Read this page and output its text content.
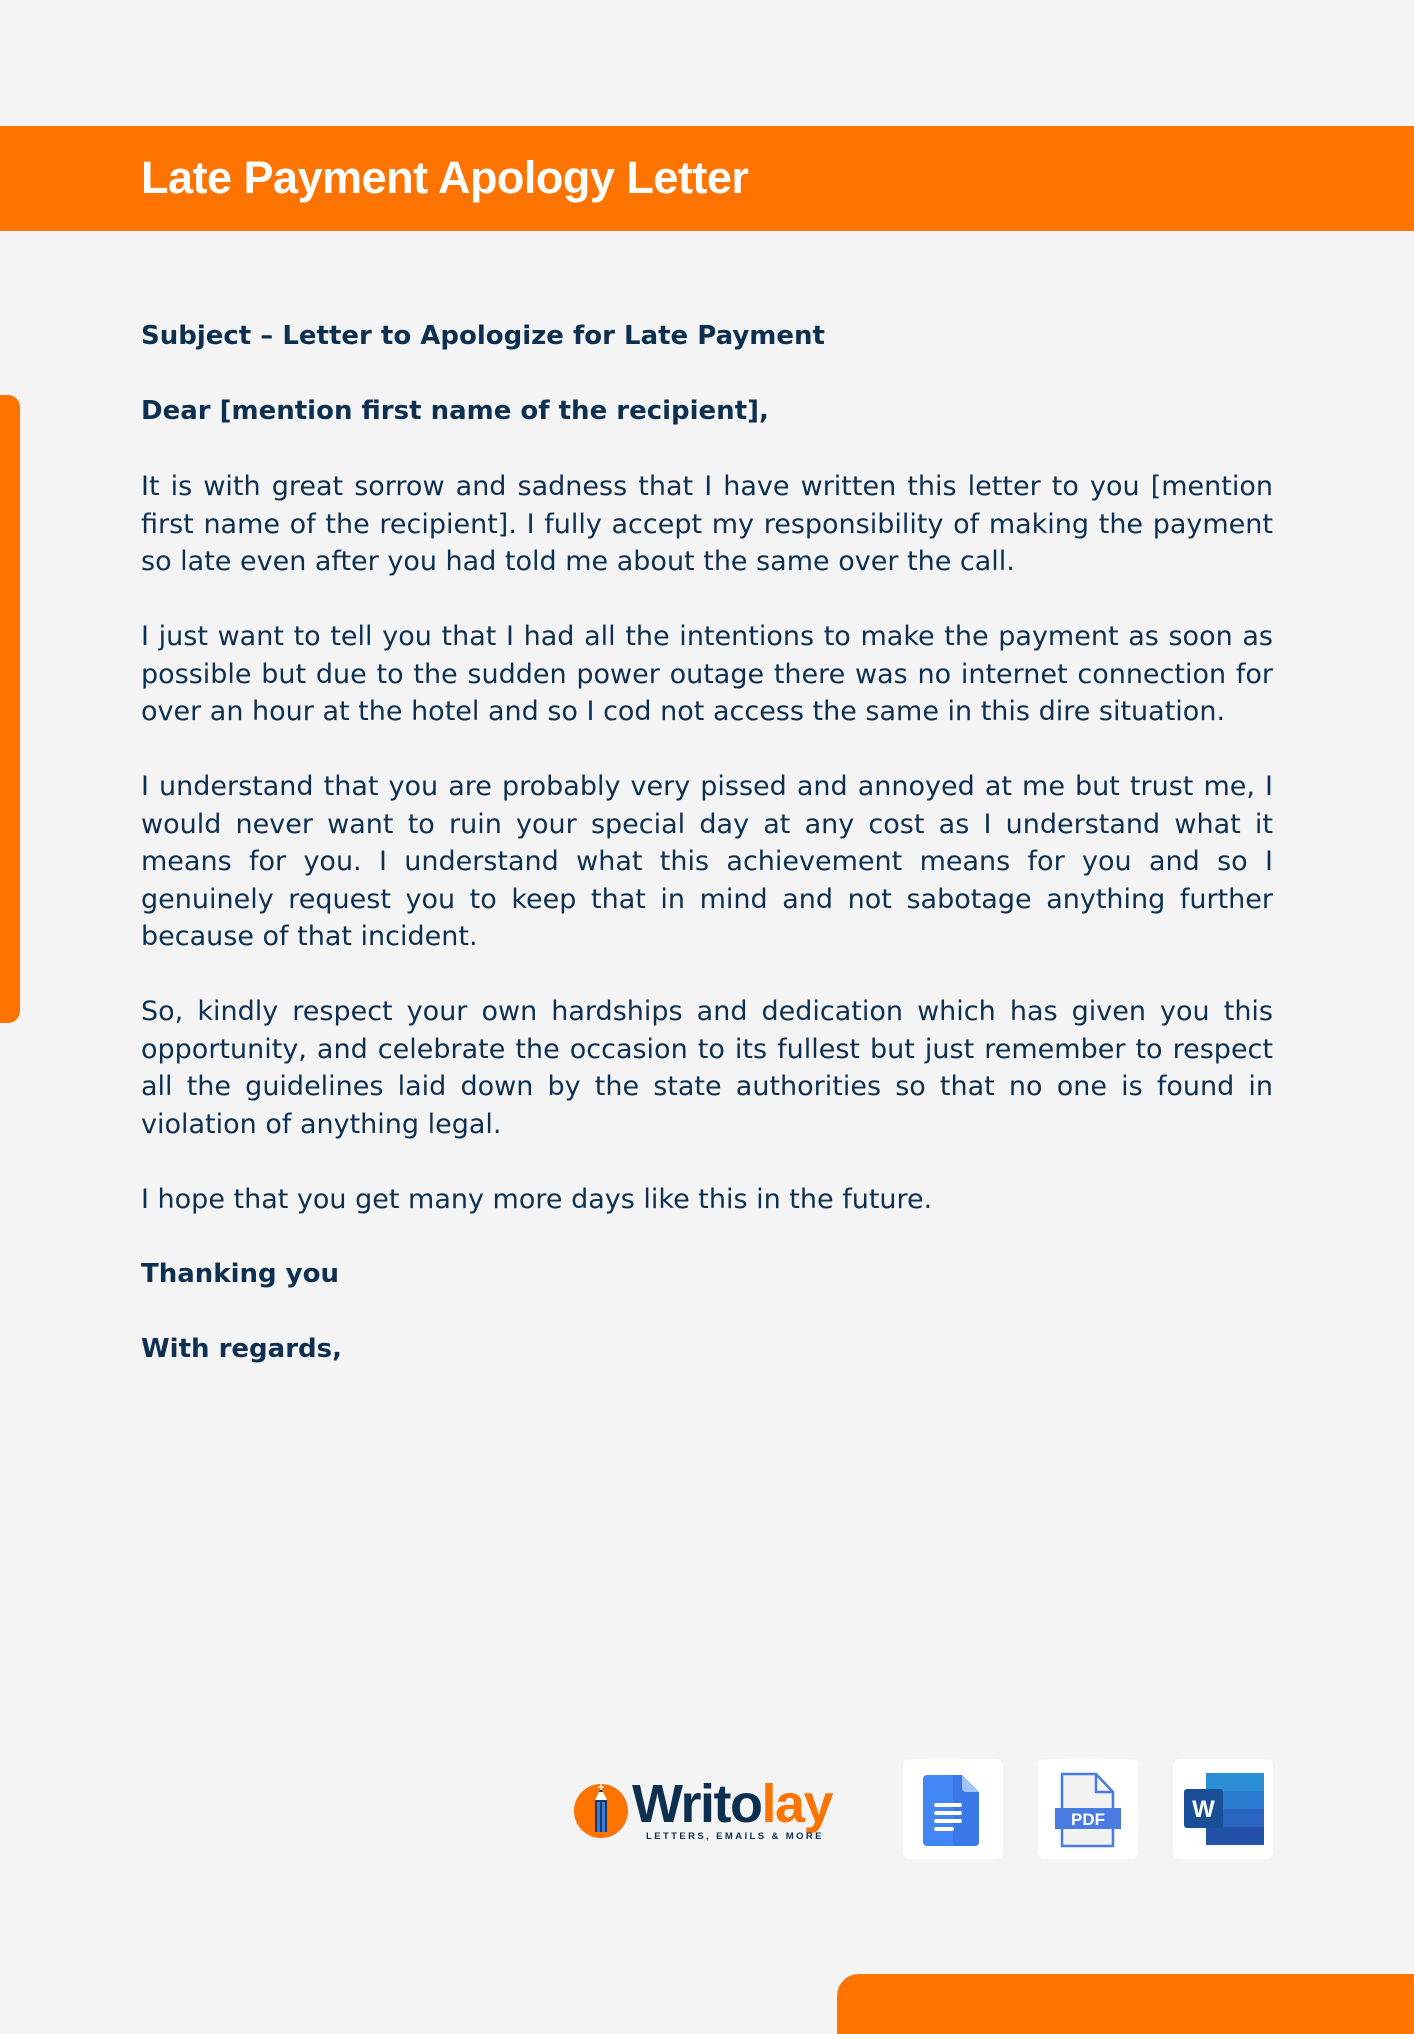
Late Payment Apology Letter

Subject – Letter to Apologize for Late Payment

Dear [mention first name of the recipient],

It is with great sorrow and sadness that I have written this letter to you [mention first name of the recipient]. I fully accept my responsibility of making the payment so late even after you had told me about the same over the call.

I just want to tell you that I had all the intentions to make the payment as soon as possible but due to the sudden power outage there was no internet connection for over an hour at the hotel and so I cod not access the same in this dire situation.

I understand that you are probably very pissed and annoyed at me but trust me, I would never want to ruin your special day at any cost as I understand what it means for you. I understand what this achievement means for you and so I genuinely request you to keep that in mind and not sabotage anything further because of that incident.

So, kindly respect your own hardships and dedication which has given you this opportunity, and celebrate the occasion to its fullest but just remember to respect all the guidelines laid down by the state authorities so that no one is found in violation of anything legal.

I hope that you get many more days like this in the future.

Thanking you

With regards,

Writolay
LETTERS, EMAILS & MORE
PDF	W
